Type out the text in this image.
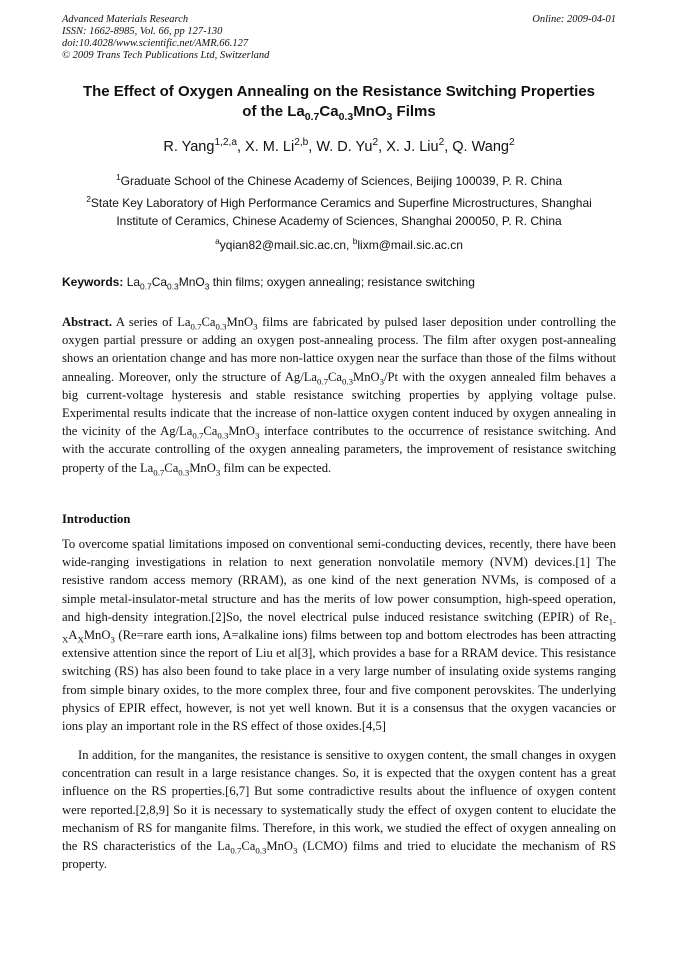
Advanced Materials Research
ISSN: 1662-8985, Vol. 66, pp 127-130
doi:10.4028/www.scientific.net/AMR.66.127
© 2009 Trans Tech Publications Ltd, Switzerland
Online: 2009-04-01
The Effect of Oxygen Annealing on the Resistance Switching Properties
of the $La_{0.7}Ca_{0.3}MnO_3$ Films
R. Yang$^{1,2,a}$, X. M. Li$^{2,b}$, W. D. Yu$^2$, X. J. Liu$^2$, Q. Wang$^2$
$^1$Graduate School of the Chinese Academy of Sciences, Beijing 100039, P. R. China
$^2$State Key Laboratory of High Performance Ceramics and Superfine Microstructures, Shanghai
Institute of Ceramics, Chinese Academy of Sciences, Shanghai 200050, P. R. China
$^a$yqian82@mail.sic.ac.cn, $^b$lixm@mail.sic.ac.cn
Keywords: $La_{0.7}Ca_{0.3}MnO_3$ thin films; oxygen annealing; resistance switching

Abstract. A series of $La_{0.7}Ca_{0.3}MnO_3$ films are fabricated by pulsed laser deposition under controlling the oxygen partial pressure or adding an oxygen post-annealing process. The film after oxygen post-annealing shows an orientation change and has more non-lattice oxygen near the surface than those of the films without annealing. Moreover, only the structure of $Ag/La_{0.7}Ca_{0.3}MnO_3/Pt$ with the oxygen annealed film behaves a big current-voltage hysteresis and stable resistance switching properties by applying voltage pulse. Experimental results indicate that the increase of non-lattice oxygen content induced by oxygen annealing in the vicinity of the $Ag/La_{0.7}Ca_{0.3}MnO_3$ interface contributes to the occurrence of resistance switching. And with the accurate controlling of the oxygen annealing parameters, the improvement of resistance switching property of the $La_{0.7}Ca_{0.3}MnO_3$ film can be expected.

Introduction

To overcome spatial limitations imposed on conventional semi-conducting devices, recently, there have been wide-ranging investigations in relation to next generation nonvolatile memory (NVM) devices.[1] The resistive random access memory (RRAM), as one kind of the next generation NVMs, is composed of a simple metal-insulator-metal structure and has the merits of low power consumption, high-speed operation, and high-density integration.[2]So, the novel electrical pulse induced resistance switching (EPIR) of $Re_{1-X}A_XMnO_3$ (Re=rare earth ions, A=alkaline ions) films between top and bottom electrodes has been attracting extensive attention since the report of Liu et al[3], which provides a base for a RRAM device. This resistance switching (RS) has also been found to take place in a very large number of insulating oxide systems ranging from simple binary oxides, to the more complex three, four and five component perovskites. The underlying physics of EPIR effect, however, is not yet well known. But it is a consensus that the oxygen vacancies or ions play an important role in the RS effect of those oxides.[4,5]

In addition, for the manganites, the resistance is sensitive to oxygen content, the small changes in oxygen concentration can result in a large resistance changes. So, it is expected that the oxygen content has a great influence on the RS properties.[6,7] But some contradictive results about the influence of oxygen content were reported.[2,8,9] So it is necessary to systematically study the effect of oxygen content to elucidate the mechanism of RS for manganite films. Therefore, in this work, we studied the effect of oxygen annealing on the RS characteristics of the $La_{0.7}Ca_{0.3}MnO_3$ (LCMO) films and tried to elucidate the mechanism of RS property.
